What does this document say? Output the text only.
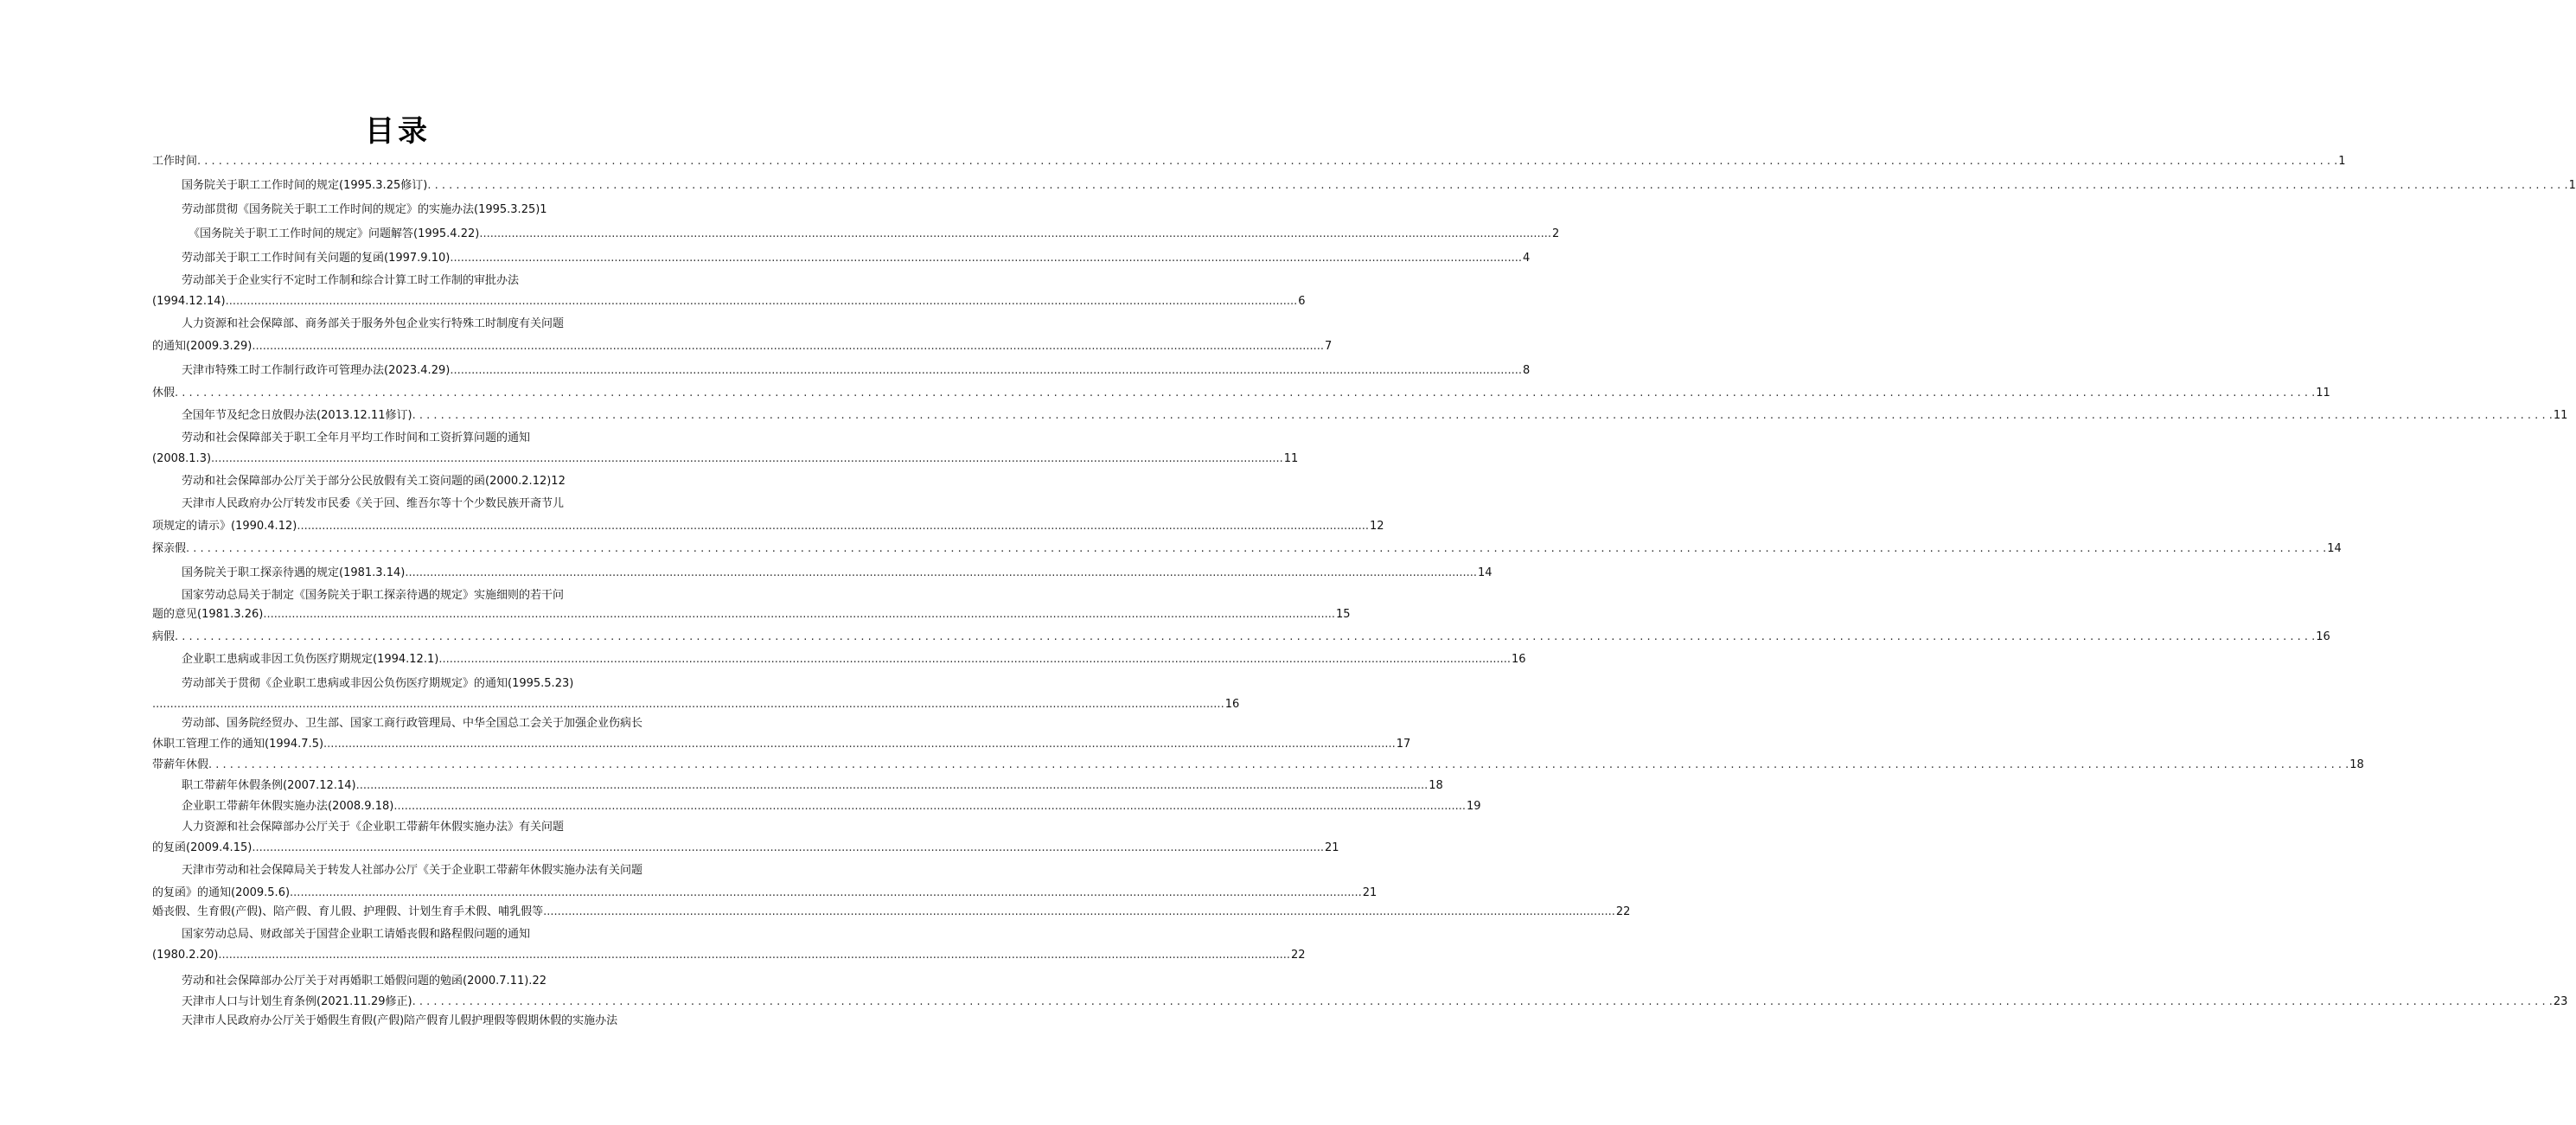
目录
工作时间 . . . . . . . . . . . . . . . . . . . . . . . . . . . . . . . . . . . . . . . . . . . . . . . . . . . . . . . . . . . . . . . . . . . . . . . . . . . . . . . . . . . . . . . . . . . . . . . . . . . . . . . . . . . . . . . . . . . . . . . . . . . . . . . . . . . . . . . . . . . . . . . . . . . . . . . . . . . . . . . . . . . . . . . . . . . . . . . . . . . . . . . . . . . . . . . . . . . . . . . . . . . . . . . . . . . . . . . . . . . . . . . . . . . . . . . . . . . . . . . . . . . . . . . . . . . . . . . . . . . . . . . . . . . . . . . . . . . . . . . . . . . . . . . . . . . . . . . . . . . . 1
国务院关于职工工作时间的规定(1995.3.25修订) . . . . . . . . . . . . . . . . . . . . . . . . . . . . . . . . . . . . . . . . . . . . . . . . . . . . . . . . . . . . . . . . . . . . . . . . . . . . . . . . . . . . . . . . . . . . . . . . . . . . . . . . . . . . . . . . . . . . . . . . . . . . . . . . . . . . . . . . . . . . . . . . . . . . . . . . . . . . . . . . . . . . . . . . . . . . . . . . . . . . . . . . . . . . . . . . . . . . . . . . . . . . . . . . . . . . . . . . . . . . . . . . . . . . . . . . . . . . . . . . . . . . . . . . . . . . . . . . . . . . . . . . . . . . . . . . . . . . . . . . . . . . . . . . . . . . . . . . . . . . 1
劳动部贯彻《国务院关于职工工作时间的规定》的实施办法(1995.3.25)1
《国务院关于职工工作时间的规定》问题解答(1995.4.22) ............................................................................................................................................................................................................................................................................................................ 2
劳动部关于职工工作时间有关问题的复函(1997.9.10) ............................................................................................................................................................................................................................................................................................................ 4
劳动部关于企业实行不定时工作制和综合计算工时工作制的审批办法
(1994.12.14) ............................................................................................................................................................................................................................................................................................................ 6
人力资源和社会保障部、商务部关于服务外包企业实行特殊工时制度有关问题
的通知(2009.3.29) ............................................................................................................................................................................................................................................................................................................ 7
天津市特殊工时工作制行政许可管理办法(2023.4.29) ............................................................................................................................................................................................................................................................................................................ 8
休假 . . . . . . . . . . . . . . . . . . . . . . . . . . . . . . . . . . . . . . . . . . . . . . . . . . . . . . . . . . . . . . . . . . . . . . . . . . . . . . . . . . . . . . . . . . . . . . . . . . . . . . . . . . . . . . . . . . . . . . . . . . . . . . . . . . . . . . . . . . . . . . . . . . . . . . . . . . . . . . . . . . . . . . . . . . . . . . . . . . . . . . . . . . . . . . . . . . . . . . . . . . . . . . . . . . . . . . . . . . . . . . . . . . . . . . . . . . . . . . . . . . . . . . . . . . . . . . . . . . . . . . . . . . . . . . . . . . . . . . . . . . . . . . . . . . . . . . . . . . . . 11
全国年节及纪念日放假办法(2013.12.11修订) . . . . . . . . . . . . . . . . . . . . . . . . . . . . . . . . . . . . . . . . . . . . . . . . . . . . . . . . . . . . . . . . . . . . . . . . . . . . . . . . . . . . . . . . . . . . . . . . . . . . . . . . . . . . . . . . . . . . . . . . . . . . . . . . . . . . . . . . . . . . . . . . . . . . . . . . . . . . . . . . . . . . . . . . . . . . . . . . . . . . . . . . . . . . . . . . . . . . . . . . . . . . . . . . . . . . . . . . . . . . . . . . . . . . . . . . . . . . . . . . . . . . . . . . . . . . . . . . . . . . . . . . . . . . . . . . . . . . . . . . . . . . . . . . . . . . . . . . . . . . 11
劳动和社会保障部关于职工全年月平均工作时间和工资折算问题的通知
(2008.1.3) ............................................................................................................................................................................................................................................................................................................ 11
劳动和社会保障部办公厅关于部分公民放假有关工资问题的函(2000.2.12)12
天津市人民政府办公厅转发市民委《关于回、维吾尔等十个少数民族开斋节儿
项规定的请示》(1990.4.12) ............................................................................................................................................................................................................................................................................................................ 12
探亲假 . . . . . . . . . . . . . . . . . . . . . . . . . . . . . . . . . . . . . . . . . . . . . . . . . . . . . . . . . . . . . . . . . . . . . . . . . . . . . . . . . . . . . . . . . . . . . . . . . . . . . . . . . . . . . . . . . . . . . . . . . . . . . . . . . . . . . . . . . . . . . . . . . . . . . . . . . . . . . . . . . . . . . . . . . . . . . . . . . . . . . . . . . . . . . . . . . . . . . . . . . . . . . . . . . . . . . . . . . . . . . . . . . . . . . . . . . . . . . . . . . . . . . . . . . . . . . . . . . . . . . . . . . . . . . . . . . . . . . . . . . . . . . . . . . . . . . . . . . . . . 14
国务院关于职工探亲待遇的规定(1981.3.14) ............................................................................................................................................................................................................................................................................................................ 14
国家劳动总局关于制定《国务院关于职工探亲待遇的规定》实施细则的若干问
题的意见(1981.3.26) ............................................................................................................................................................................................................................................................................................................ 15
病假 . . . . . . . . . . . . . . . . . . . . . . . . . . . . . . . . . . . . . . . . . . . . . . . . . . . . . . . . . . . . . . . . . . . . . . . . . . . . . . . . . . . . . . . . . . . . . . . . . . . . . . . . . . . . . . . . . . . . . . . . . . . . . . . . . . . . . . . . . . . . . . . . . . . . . . . . . . . . . . . . . . . . . . . . . . . . . . . . . . . . . . . . . . . . . . . . . . . . . . . . . . . . . . . . . . . . . . . . . . . . . . . . . . . . . . . . . . . . . . . . . . . . . . . . . . . . . . . . . . . . . . . . . . . . . . . . . . . . . . . . . . . . . . . . . . . . . . . . . . . . 16
企业职工患病或非因工负伤医疗期规定(1994.12.1) ............................................................................................................................................................................................................................................................................................................ 16
劳动部关于贯彻《企业职工患病或非因公负伤医疗期规定》的通知(1995.5.23)
............................................................................................................................................................................................................................................................................................................ 16
劳动部、国务院经贸办、卫生部、国家工商行政管理局、中华全国总工会关于加强企业伤病长
休职工管理工作的通知(1994.7.5) ............................................................................................................................................................................................................................................................................................................ 17
带薪年休假 . . . . . . . . . . . . . . . . . . . . . . . . . . . . . . . . . . . . . . . . . . . . . . . . . . . . . . . . . . . . . . . . . . . . . . . . . . . . . . . . . . . . . . . . . . . . . . . . . . . . . . . . . . . . . . . . . . . . . . . . . . . . . . . . . . . . . . . . . . . . . . . . . . . . . . . . . . . . . . . . . . . . . . . . . . . . . . . . . . . . . . . . . . . . . . . . . . . . . . . . . . . . . . . . . . . . . . . . . . . . . . . . . . . . . . . . . . . . . . . . . . . . . . . . . . . . . . . . . . . . . . . . . . . . . . . . . . . . . . . . . . . . . . . . . . . . . . . . . . . . 18
职工带薪年休假条例(2007.12.14) ............................................................................................................................................................................................................................................................................................................ 18
企业职工带薪年休假实施办法(2008.9.18) ............................................................................................................................................................................................................................................................................................................ 19
人力资源和社会保障部办公厅关于《企业职工带薪年休假实施办法》有关问题
的复函(2009.4.15) ............................................................................................................................................................................................................................................................................................................ 21
天津市劳动和社会保障局关于转发人社部办公厅《关于企业职工带薪年休假实施办法有关问题
的复函》的通知(2009.5.6) ............................................................................................................................................................................................................................................................................................................ 21
婚丧假、生育假(产假)、陪产假、育儿假、护理假、计划生育手术假、哺乳假等 ............................................................................................................................................................................................................................................................................................................ 22
国家劳动总局、财政部关于国营企业职工请婚丧假和路程假问题的通知
(1980.2.20) ............................................................................................................................................................................................................................................................................................................ 22
劳动和社会保障部办公厅关于对再婚职工婚假问题的勉函(2000.7.11).22
天津市人口与计划生育条例(2021.11.29修正) . . . . . . . . . . . . . . . . . . . . . . . . . . . . . . . . . . . . . . . . . . . . . . . . . . . . . . . . . . . . . . . . . . . . . . . . . . . . . . . . . . . . . . . . . . . . . . . . . . . . . . . . . . . . . . . . . . . . . . . . . . . . . . . . . . . . . . . . . . . . . . . . . . . . . . . . . . . . . . . . . . . . . . . . . . . . . . . . . . . . . . . . . . . . . . . . . . . . . . . . . . . . . . . . . . . . . . . . . . . . . . . . . . . . . . . . . . . . . . . . . . . . . . . . . . . . . . . . . . . . . . . . . . . . . . . . . . . . . . . . . . . . . . . . . . . . . . . . . . . . 23
天津市人民政府办公厅关于婚假生育假(产假)陪产假育儿假护理假等假期休假的实施办法
